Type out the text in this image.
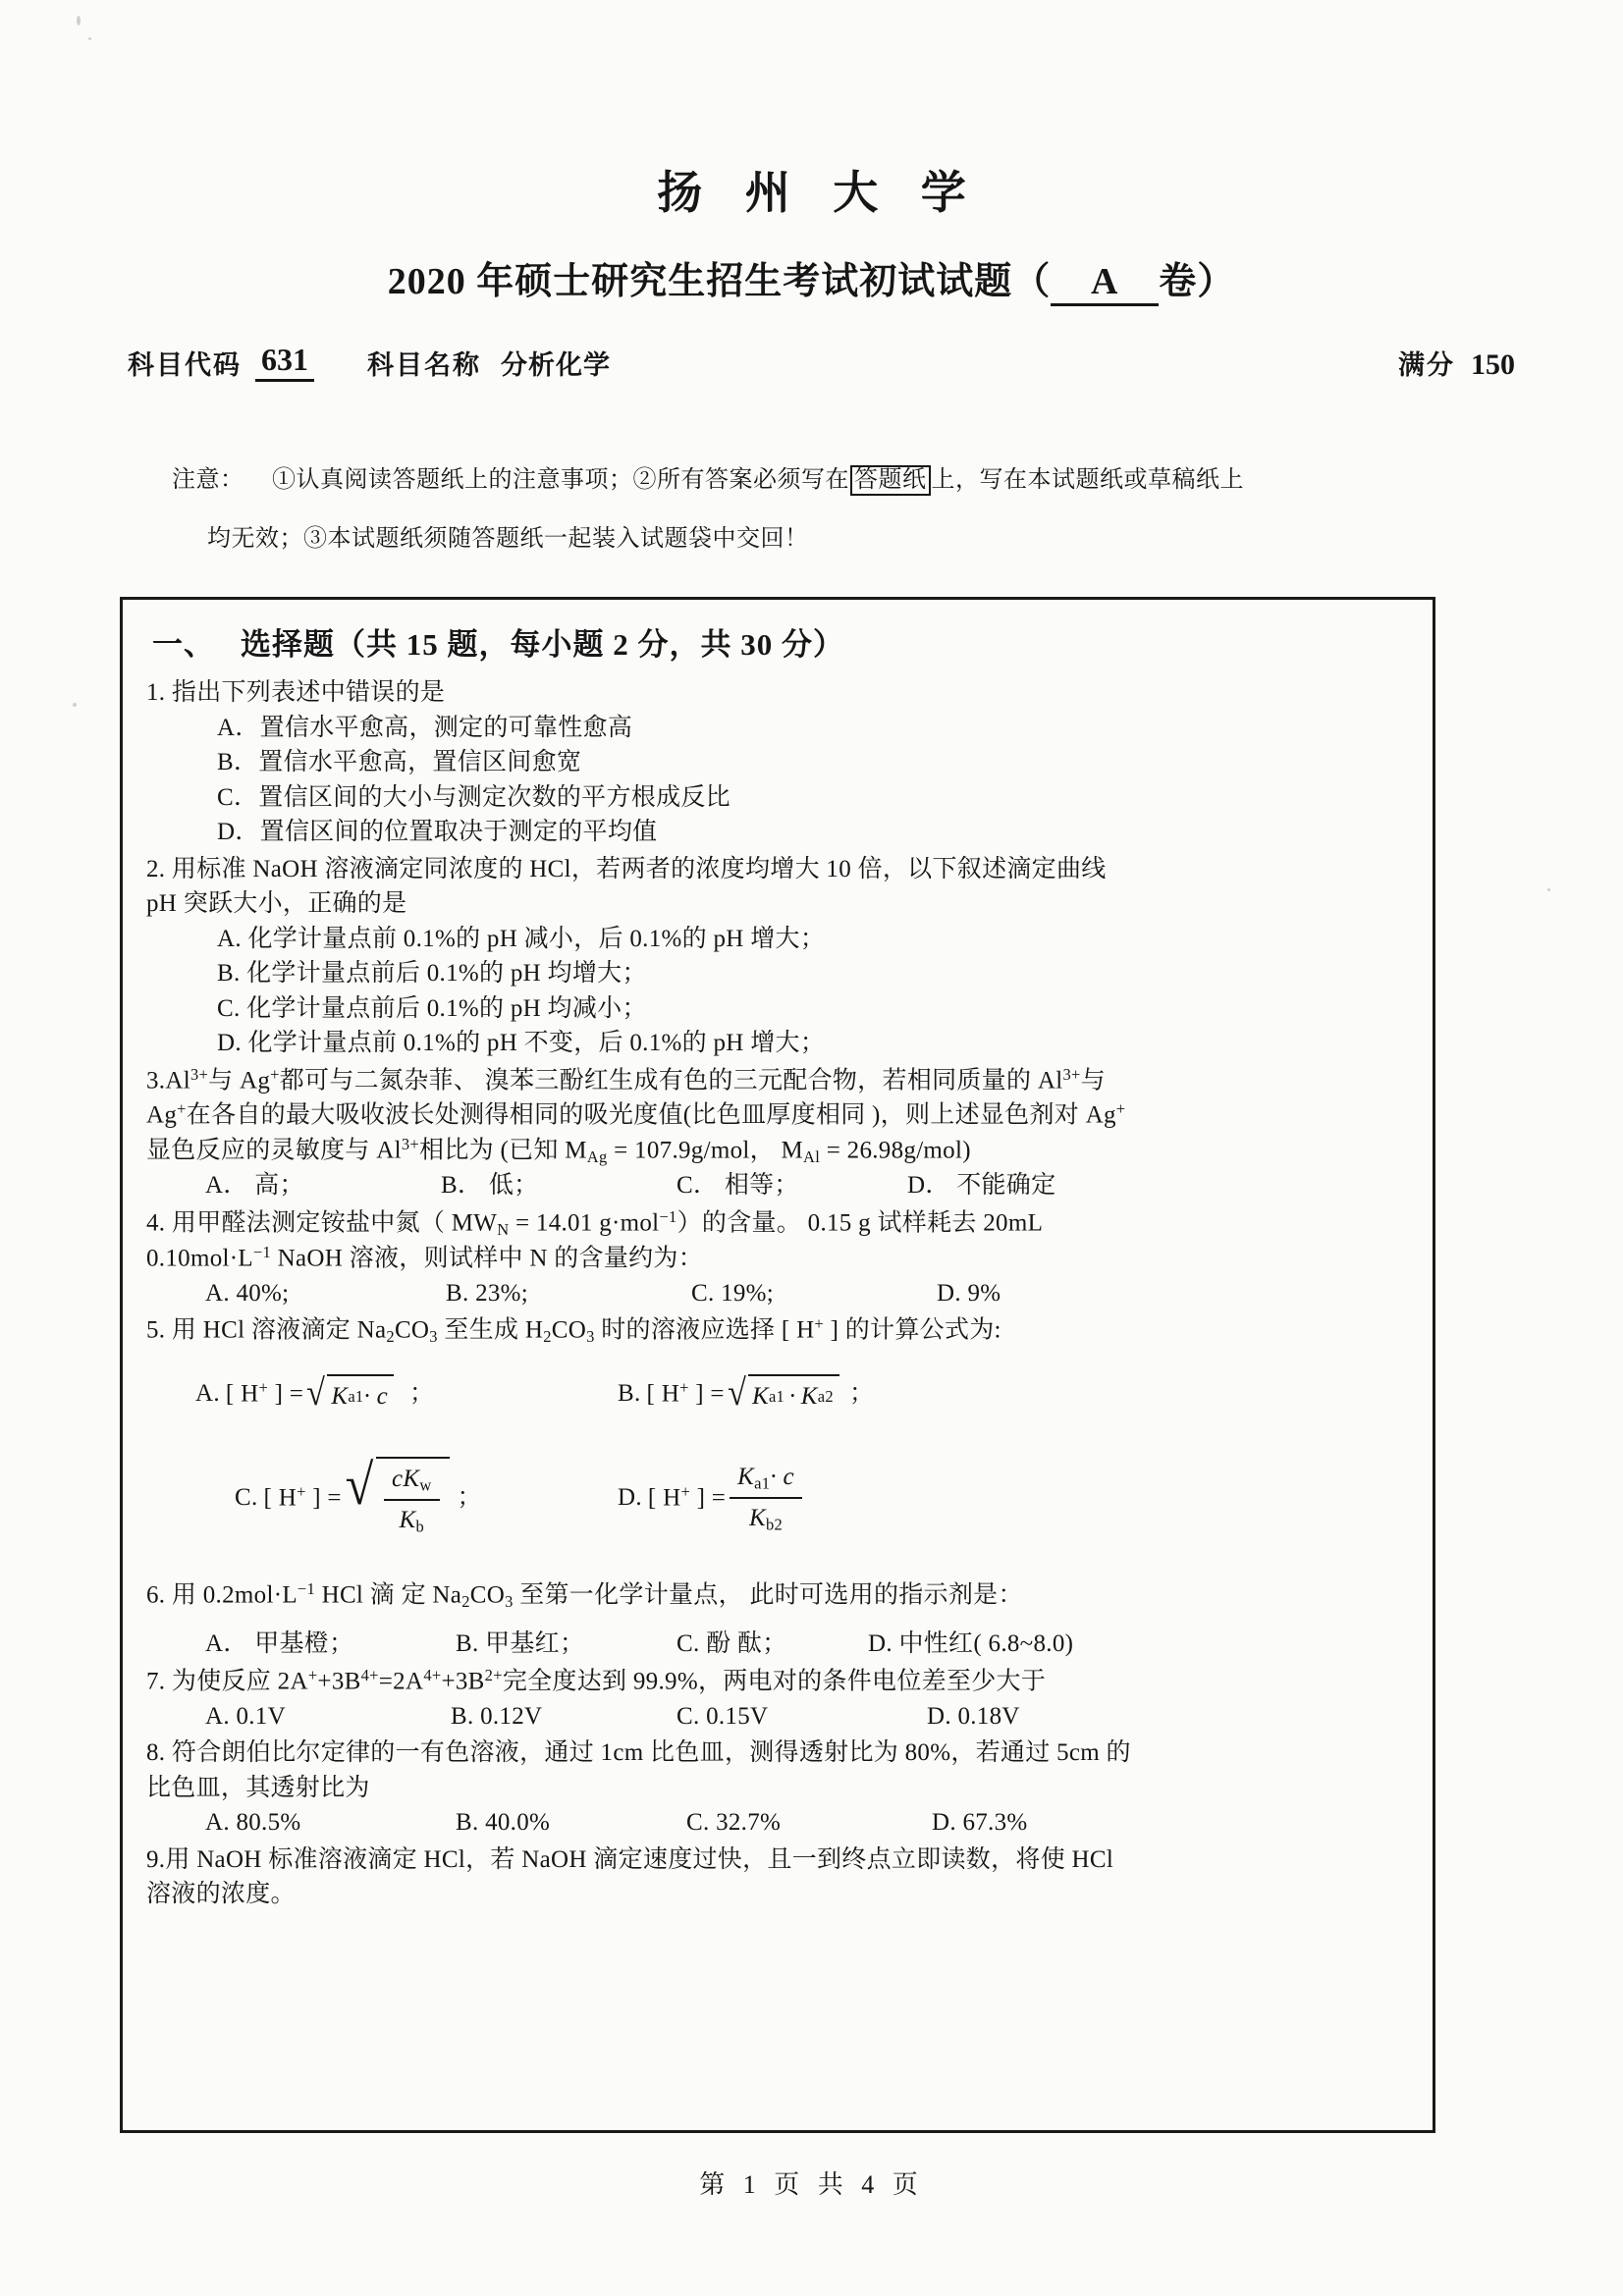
扬 州 大 学
2020 年硕士研究生招生考试初试试题（ A 卷）
科目代码 631 科目名称 分析化学	满分 150
注意： ①认真阅读答题纸上的注意事项；②所有答案必须写在 答题纸 上，写在本试题纸或草稿纸上
均无效；③本试题纸须随答题纸一起装入试题袋中交回！
一、 选择题（共 15 题，每小题 2 分，共 30 分）
1. 指出下列表述中错误的是
A．置信水平愈高，测定的可靠性愈高
B．置信水平愈高，置信区间愈宽
C．置信区间的大小与测定次数的平方根成反比
D．置信区间的位置取决于测定的平均值
2. 用标准 NaOH 溶液滴定同浓度的 HCl，若两者的浓度均增大 10 倍，以下叙述滴定曲线
pH 突跃大小，正确的是
A. 化学计量点前 0.1%的 pH 减小，后 0.1%的 pH 增大；
B. 化学计量点前后 0.1%的 pH 均增大；
C. 化学计量点前后 0.1%的 pH 均减小；
D. 化学计量点前 0.1%的 pH 不变，后 0.1%的 pH 增大；
$3.Al^{3+}$与 Ag+都可与二氮杂菲、 溴苯三酚红生成有色的三元配合物，若相同质量的 $Al^{3+}$与
Ag+在各自的最大吸收波长处测得相同的吸光度值(比色皿厚度相同 )，则上述显色剂对 Ag+
显色反应的灵敏度与 $Al^{3+}$相比为 (已知 $M_{Ag} = 107.9g/mol$， $M_{Al} = 26.98g/mol$)
A． 高；	B． 低；	C． 相等；	D． 不能确定
4. 用甲醛法测定铵盐中氮（ $MW_N = 14.01$ g·mol$^{-1}$）的含量。 0.15 g 试样耗去 20mL
$0.10mol\cdot L^{-1}$ NaOH 溶液，则试样中 N 的含量约为：
A. 40%;	B. 23%;	C. 19%;	D. 9%
5. 用 HCl 溶液滴定 $Na_2CO_3$ 至生成 $H_2CO_3$ 时的溶液应选择 [ H+ ] 的计算公式为:
A. [ H+ ] = √ K a1 · c ；	B. [ H+ ] = √ K a1 · K a2 ；
C. [ H+ ] = √ $\frac{cK_w}{K_b}$ ；	D. [ H+ ] = $\frac{K_{a1}\cdot c}{K_{b2}}$
6. 用 $0.2mol\cdot L^{-1}$ HCl 滴 定 $Na_2CO_3$ 至第一化学计量点， 此时可选用的指示剂是：
A． 甲基橙；	B. 甲基红；	C. 酚 酞；	D. 中性红( 6.8~8.0)
7. 为使反应 $2A^++3B^{4+}=2A^{4+}+3B^{2+}$完全度达到 99.9%，两电对的条件电位差至少大于
A. 0.1V	B. 0.12V	C. 0.15V	D. 0.18V
8. 符合朗伯比尔定律的一有色溶液，通过 1cm 比色皿，测得透射比为 80%，若通过 5cm 的
比色皿，其透射比为
A. 80.5%	B. 40.0%	C. 32.7%	D. 67.3%
9.用 NaOH 标准溶液滴定 HCl，若 NaOH 滴定速度过快，且一到终点立即读数，将使 HCl
溶液的浓度。
第 1 页 共 4 页
